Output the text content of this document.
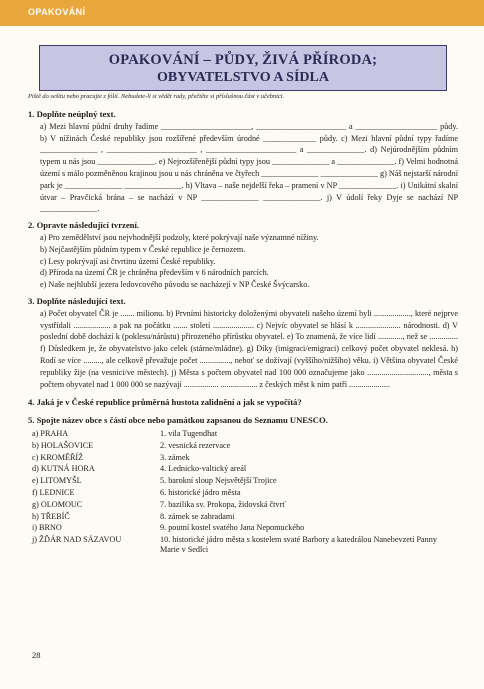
OPAKOVÁNÍ
OPAKOVÁNÍ – PŮDY, ŽIVÁ PŘÍRODA;
OBYVATELSTVO A SÍDLA
Piště do sešitu nebo pracujte z fólií. Nebudete-li si vědět rady, přečtěte si příslušnou část v učebnici.
1. Doplňte neúplný text.
a) Mezi hlavní půdní druhy řadíme ______________________, ______________________ a ____________________ půdy. b) V nížinách České republiky jsou rozšířené především úrodné _____________ půdy. c) Mezi hlavní půdní typy řadíme ______________ , ______________________ , ______________________ a ______________. d) Nejúrodnějším půdním typem u nás jsou ______________. e) Nejrozšířenější půdní typy jsou ______________ a ______________. f) Velmi hodnotná území s málo pozměněnou krajinou jsou u nás chráněna ve čtyřech ______________ ______________ g) Náš nejstarší národní park je ______________ ______________. h) Vltava – naše nejdelší řeka – pramení v NP ______________. i) Unikátní skalní útvar – Pravčická brána – se nachází v NP ______________ ______________. j) V údolí řeky Dyje se nachází NP ______________.
2. Opravte následující tvrzení.
a) Pro zemědělství jsou nejvhodnější podzoly, které pokrývají naše významné nížiny.
b) Nejčastějším půdním typem v České republice je černozem.
c) Lesy pokrývají asi čtvrtinu území České republiky.
d) Příroda na území ČR je chráněna především v 6 národních parcích.
e) Naše nejhlubší jezera ledovcového původu se nacházejí v NP České Švýcarsko.
3. Doplňte následující text.
a) Počet obyvatel ČR je ....... milionu. b) Prvními historicky doloženými obyvateli našeho území byli .................., které nejprve vystřídali .................. a pak na počátku ....... století .................... c) Nejvíc obyvatel se hlásí k ...................... národnosti. d) V poslední době dochází k (poklesu/nárůstu) přirozeného přírůstku obyvatel. e) To znamená, že více lidí ............, než se .............. f) Důsledkem je, že obyvatelstvo jako celek (stárne/mládne). g) Díky (imigraci/emigraci) celkový počet obyvatel neklesá. h) Rodí se více ........., ale celkově převažuje počet ..............., neboť se dožívají (vyššího/nižšího) věku. i) Většina obyvatel České republiky žije (na vesnici/ve městech). j) Města s počtem obyvatel nad 100 000 označujeme jako .............................., města s počtem obyvatel nad 1 000 000 se nazývají ................. .................. z českých měst k nim patří ....................
4. Jaká je v České republice průměrná hustota zalidnění a jak se vypočítá?
5. Spojte název obce s částí obce nebo památkou zapsanou do Seznamu UNESCO.
a) PRAHA	1. vila Tugendhat
b) HOLAŠOVICE	2. vesnická rezervace
c) KROMĚŘÍŽ	3. zámek
d) KUTNÁ HORA	4. Lednicko-valtický areál
e) LITOMYŠL	5. barokní sloup Nejsvětější Trojice
f) LEDNICE	6. historické jádro města
g) OLOMOUC	7. bazilika sv. Prokopa, židovská čtvrť
h) TŘEBÍČ	8. zámek se zahradami
i) BRNO	9. poutní kostel svatého Jana Nepomuckého
j) ŽĎÁR NAD SÁZAVOU	10. historické jádro města s kostelem svaté Barbory a katedrálou Nanebevzetí Panny Marie v Sedlci
28
